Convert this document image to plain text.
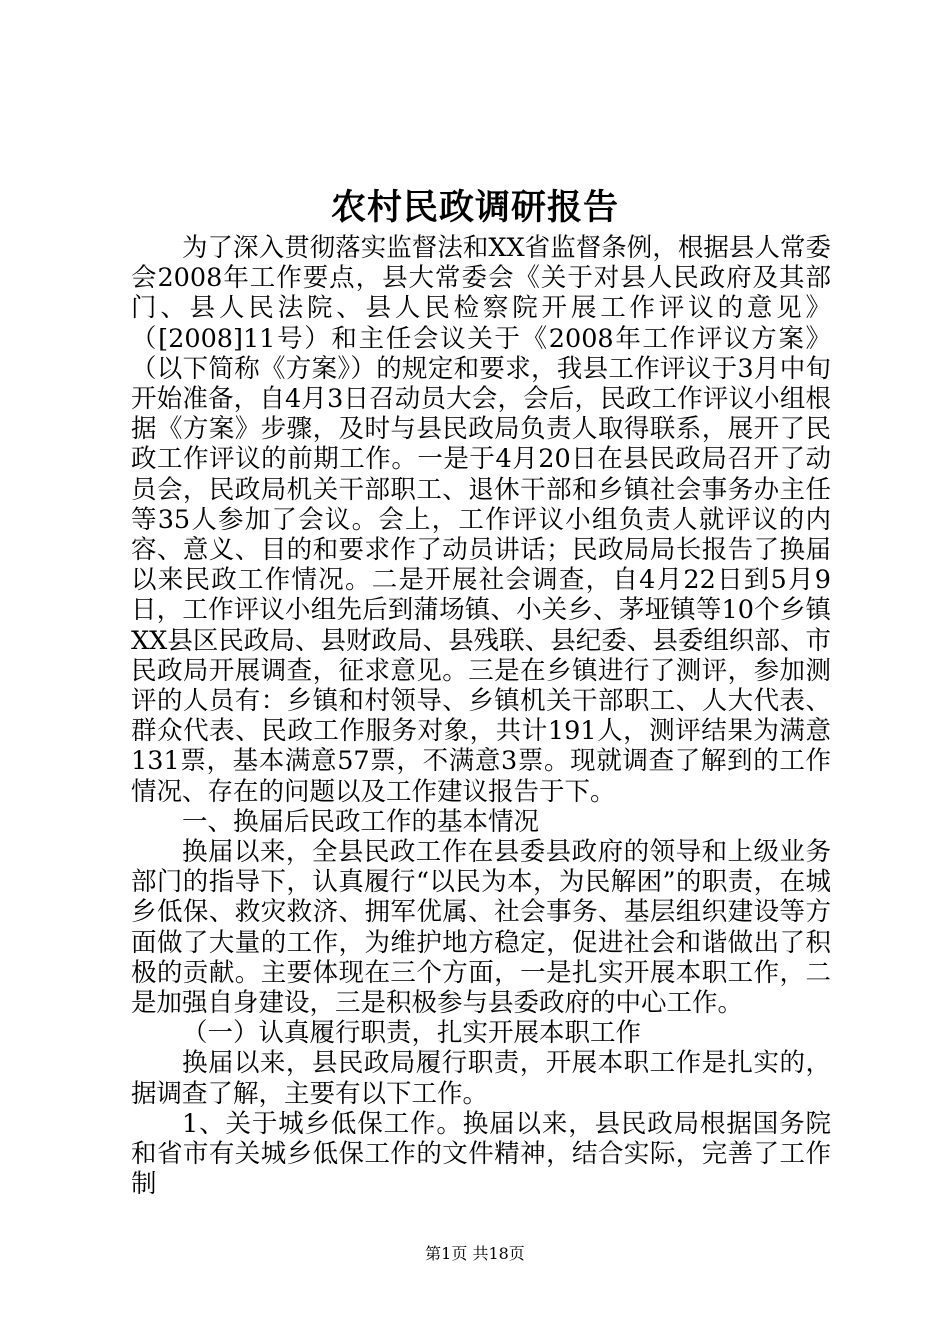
农村民政调研报告

为了深入贯彻落实监督法和XX省监督条例，根据县人常委会2008年工作要点，县大常委会《关于对县人民政府及其部门、县人民法院、县人民检察院开展工作评议的意见》（[2008]11号）和主任会议关于《2008年工作评议方案》（以下简称《方案》）的规定和要求，我县工作评议于3月中旬开始准备，自4月3日召动员大会，会后，民政工作评议小组根据《方案》步骤，及时与县民政局负责人取得联系，展开了民政工作评议的前期工作。一是于4月20日在县民政局召开了动员会，民政局机关干部职工、退休干部和乡镇社会事务办主任等35人参加了会议。会上，工作评议小组负责人就评议的内容、意义、目的和要求作了动员讲话；民政局局长报告了换届以来民政工作情况。二是开展社会调查，自4月22日到5月9日，工作评议小组先后到蒲场镇、小关乡、茅垭镇等10个乡镇XX县区民政局、县财政局、县残联、县纪委、县委组织部、市民政局开展调查，征求意见。三是在乡镇进行了测评，参加测评的人员有：乡镇和村领导、乡镇机关干部职工、人大代表、群众代表、民政工作服务对象，共计191人，测评结果为满意131票，基本满意57票，不满意3票。现就调查了解到的工作情况、存在的问题以及工作建议报告于下。

一、换届后民政工作的基本情况

换届以来，全县民政工作在县委县政府的领导和上级业务部门的指导下，认真履行“以民为本，为民解困”的职责，在城乡低保、救灾救济、拥军优属、社会事务、基层组织建设等方面做了大量的工作，为维护地方稳定，促进社会和谐做出了积极的贡献。主要体现在三个方面，一是扎实开展本职工作，二是加强自身建设，三是积极参与县委政府的中心工作。

（一）认真履行职责，扎实开展本职工作

换届以来，县民政局履行职责，开展本职工作是扎实的，据调查了解，主要有以下工作。

1、关于城乡低保工作。换届以来，县民政局根据国务院和省市有关城乡低保工作的文件精神，结合实际，完善了工作制

第1页 共18页
